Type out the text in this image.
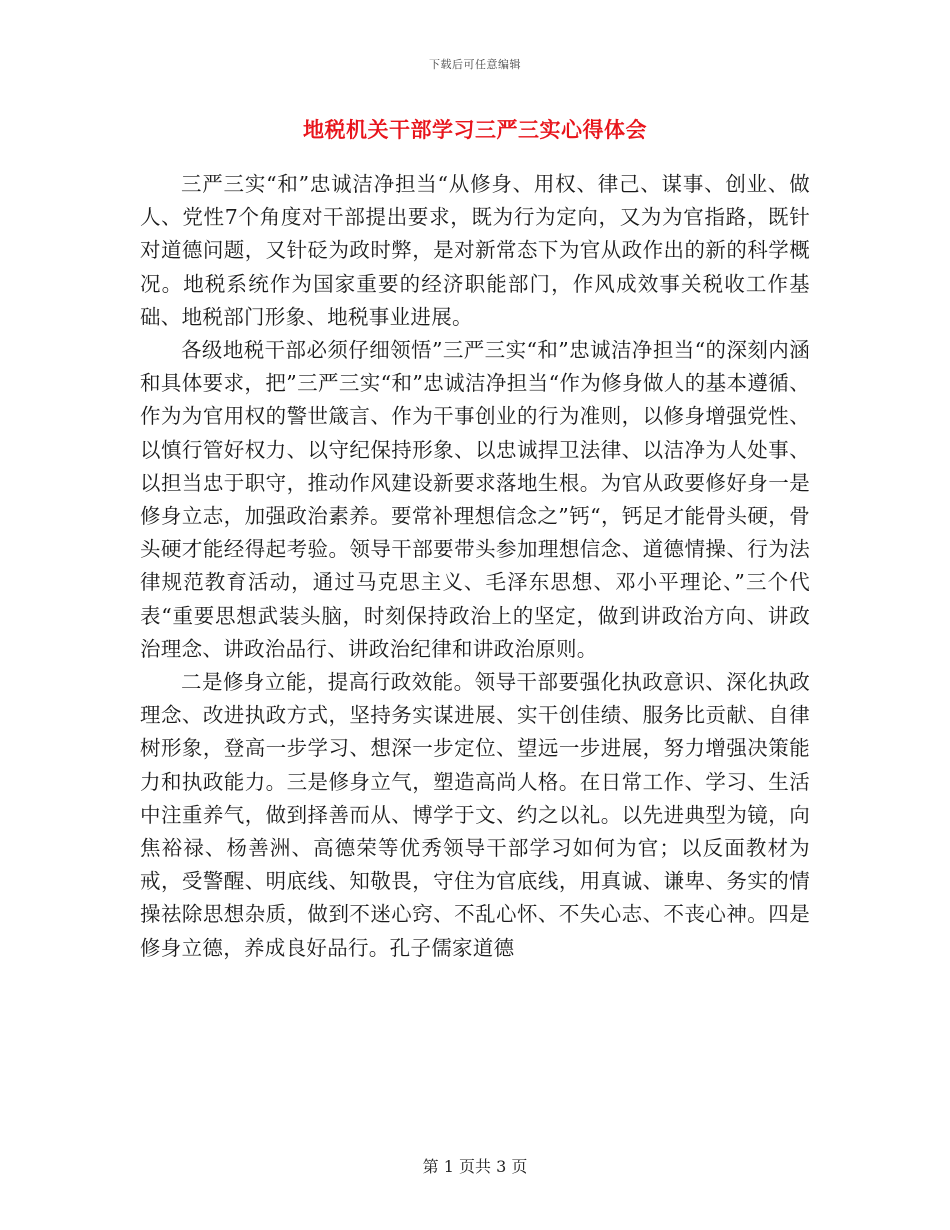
下载后可任意编辑
地税机关干部学习三严三实心得体会

三严三实“和”忠诚洁净担当“从修身、用权、律己、谋事、创业、做人、党性7个角度对干部提出要求，既为行为定向，又为为官指路，既针对道德问题，又针砭为政时弊，是对新常态下为官从政作出的新的科学概况。地税系统作为国家重要的经济职能部门，作风成效事关税收工作基础、地税部门形象、地税事业进展。

各级地税干部必须仔细领悟”三严三实“和”忠诚洁净担当“的深刻内涵和具体要求，把”三严三实“和”忠诚洁净担当“作为修身做人的基本遵循、作为为官用权的警世箴言、作为干事创业的行为准则，以修身增强党性、以慎行管好权力、以守纪保持形象、以忠诚捍卫法律、以洁净为人处事、以担当忠于职守，推动作风建设新要求落地生根。为官从政要修好身一是修身立志，加强政治素养。要常补理想信念之”钙“，钙足才能骨头硬，骨头硬才能经得起考验。领导干部要带头参加理想信念、道德情操、行为法律规范教育活动，通过马克思主义、毛泽东思想、邓小平理论、”三个代表“重要思想武装头脑，时刻保持政治上的坚定，做到讲政治方向、讲政治理念、讲政治品行、讲政治纪律和讲政治原则。

二是修身立能，提高行政效能。领导干部要强化执政意识、深化执政理念、改进执政方式，坚持务实谋进展、实干创佳绩、服务比贡献、自律树形象，登高一步学习、想深一步定位、望远一步进展，努力增强决策能力和执政能力。三是修身立气，塑造高尚人格。在日常工作、学习、生活中注重养气，做到择善而从、博学于文、约之以礼。以先进典型为镜，向焦裕禄、杨善洲、高德荣等优秀领导干部学习如何为官；以反面教材为戒，受警醒、明底线、知敬畏，守住为官底线，用真诚、谦卑、务实的情操祛除思想杂质，做到不迷心窍、不乱心怀、不失心志、不丧心神。四是修身立德，养成良好品行。孔子儒家道德

第 1 页共 3 页
